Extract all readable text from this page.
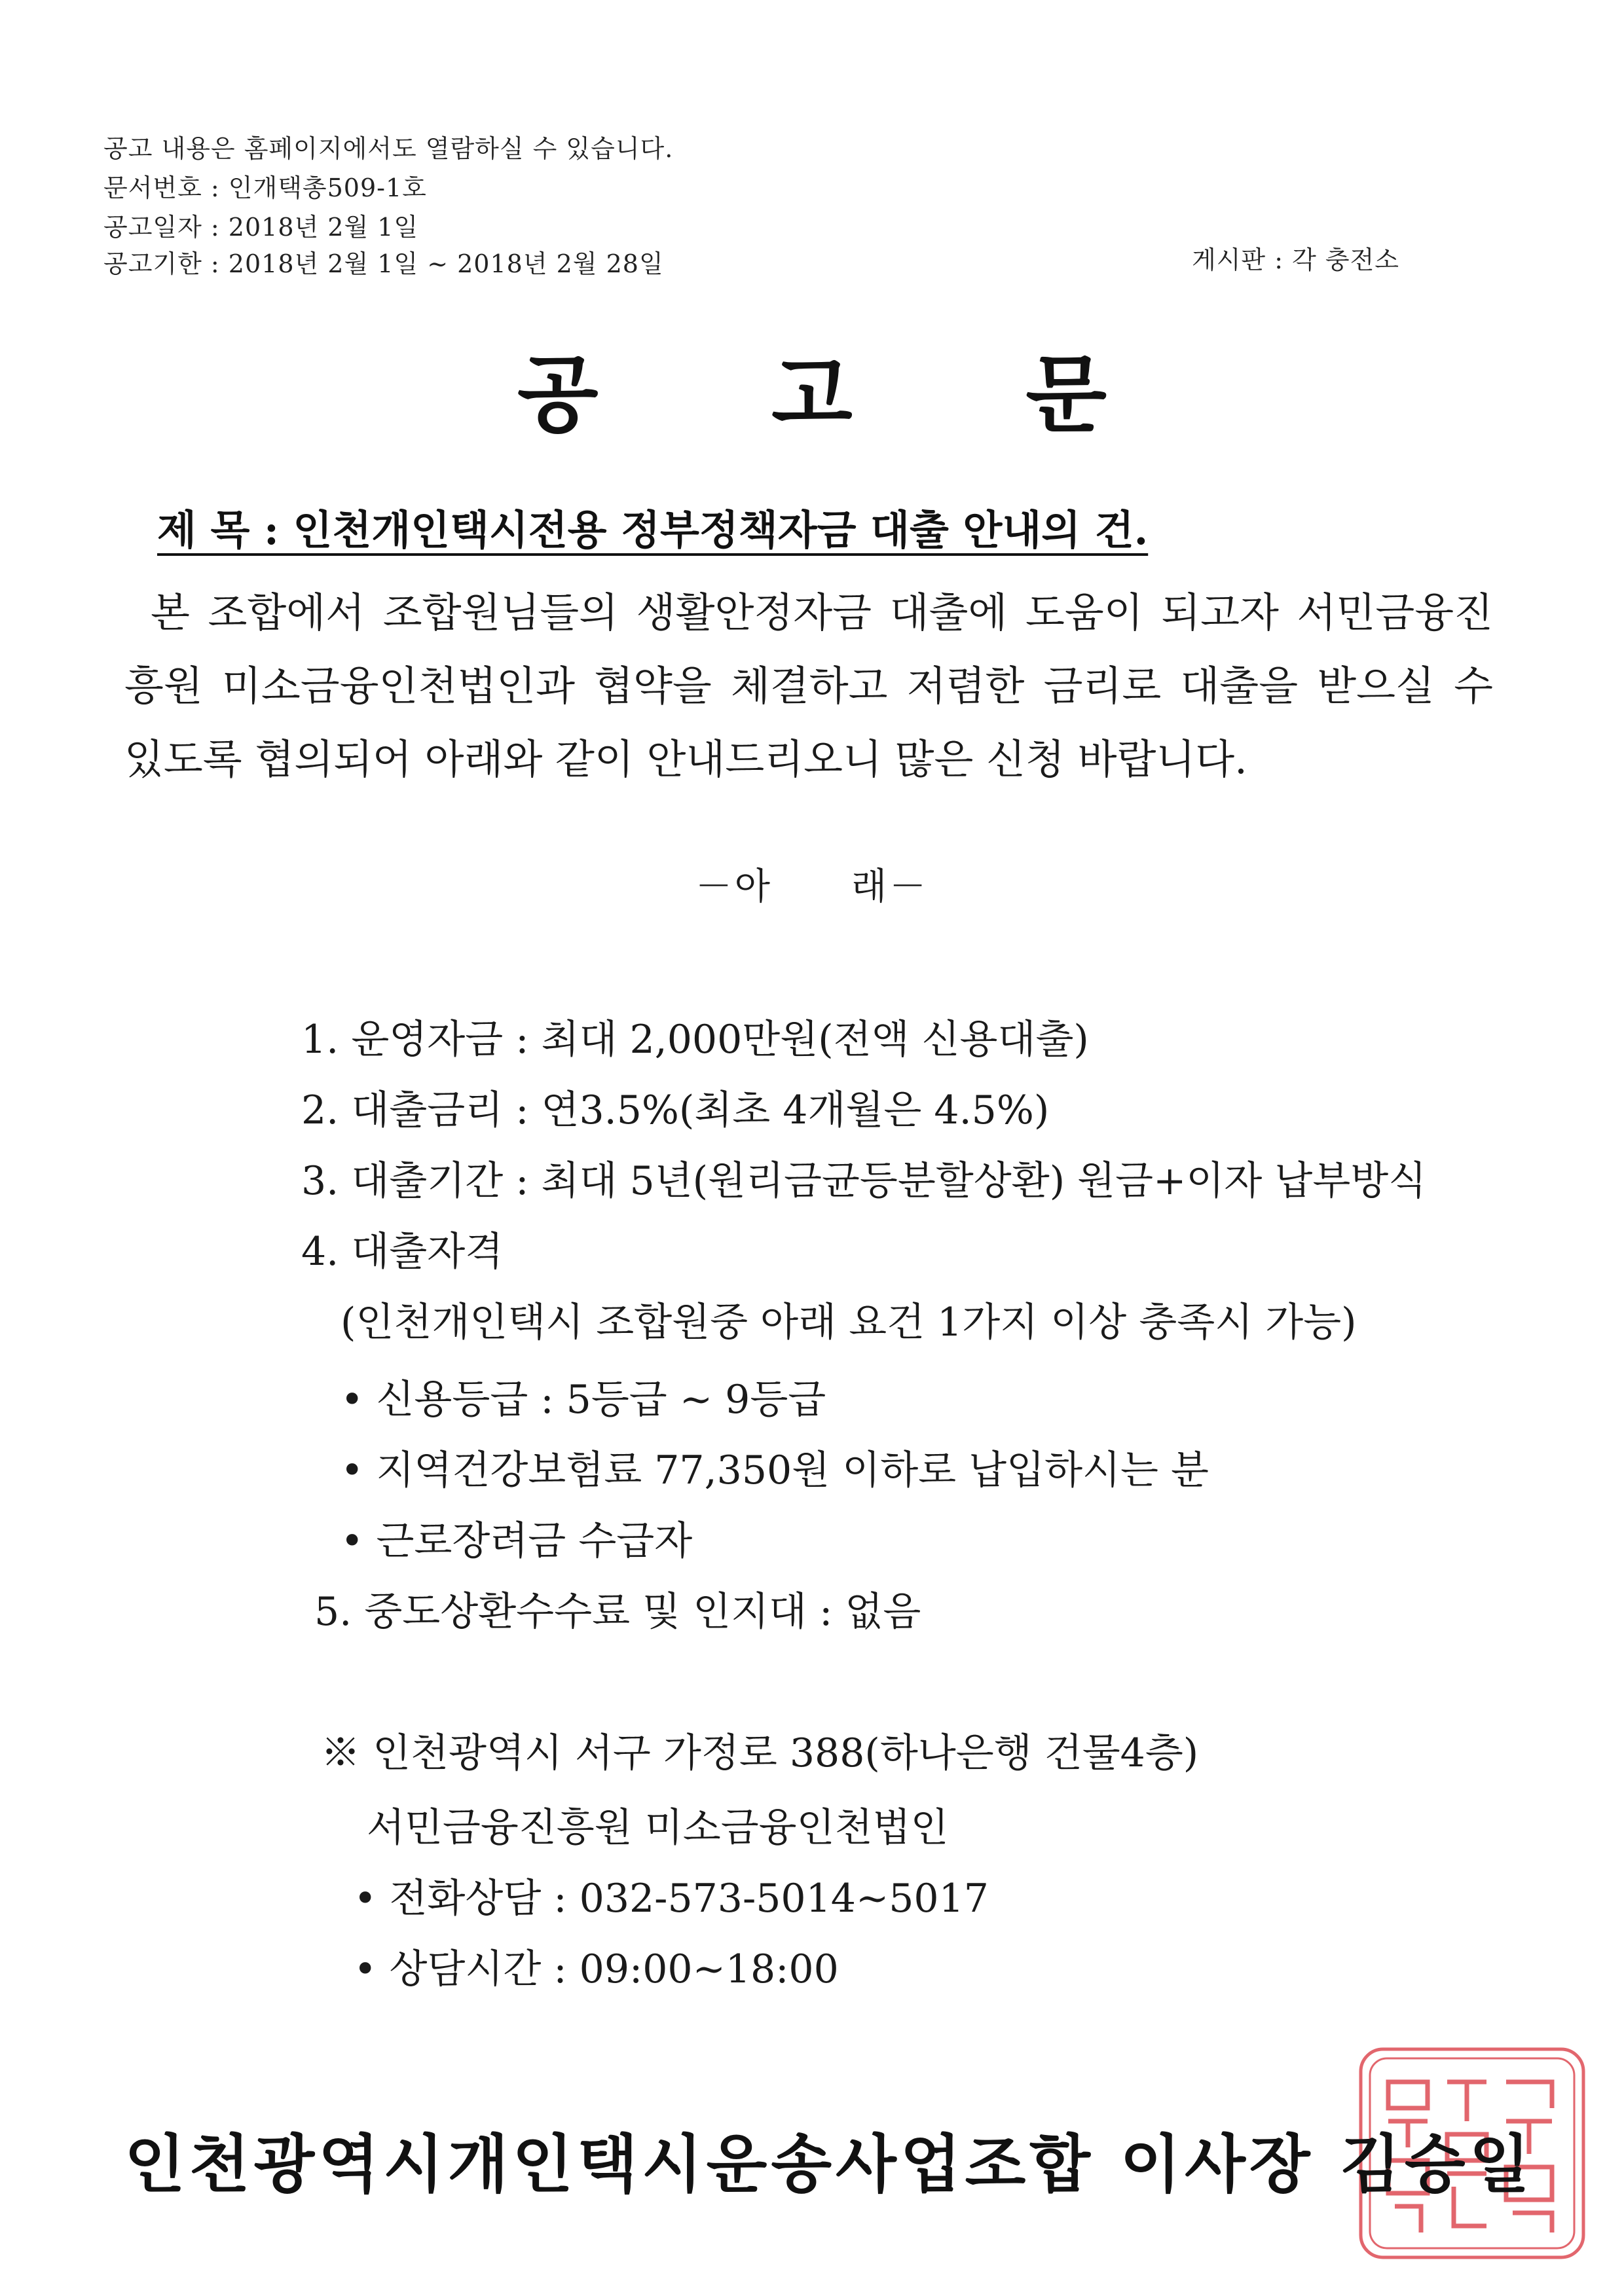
공고 내용은 홈페이지에서도 열람하실 수 있습니다.
문서번호 : 인개택총509-1호
공고일자 : 2018년 2월 1일
공고기한 : 2018년 2월 1일 ~ 2018년 2월 28일	게시판 : 각 충전소
공 고 문
제 목 : 인천개인택시전용 정부정책자금 대출 안내의 건.
본 조합에서 조합원님들의 생활안정자금 대출에 도움이 되고자 서민금융진흥원 미소금융인천법인과 협약을 체결하고 저렴한 금리로 대출을 받으실 수 있도록 협의되어 아래와 같이 안내드리오니 많은 신청 바랍니다.
－아 래－
1. 운영자금 : 최대 2,000만원(전액 신용대출)
2. 대출금리 : 연3.5%(최초 4개월은 4.5%)
3. 대출기간 : 최대 5년(원리금균등분할상환) 원금+이자 납부방식
4. 대출자격
(인천개인택시 조합원중 아래 요건 1가지 이상 충족시 가능)
• 신용등급 : 5등급 ~ 9등급
• 지역건강보험료 77,350원 이하로 납입하시는 분
• 근로장려금 수급자
5. 중도상환수수료 및 인지대 : 없음
※ 인천광역시 서구 가정로 388(하나은행 건물4층)
서민금융진흥원 미소금융인천법인
• 전화상담 : 032-573-5014~5017
• 상담시간 : 09:00~18:00
인천광역시개인택시운송사업조합 이사장 김승일
